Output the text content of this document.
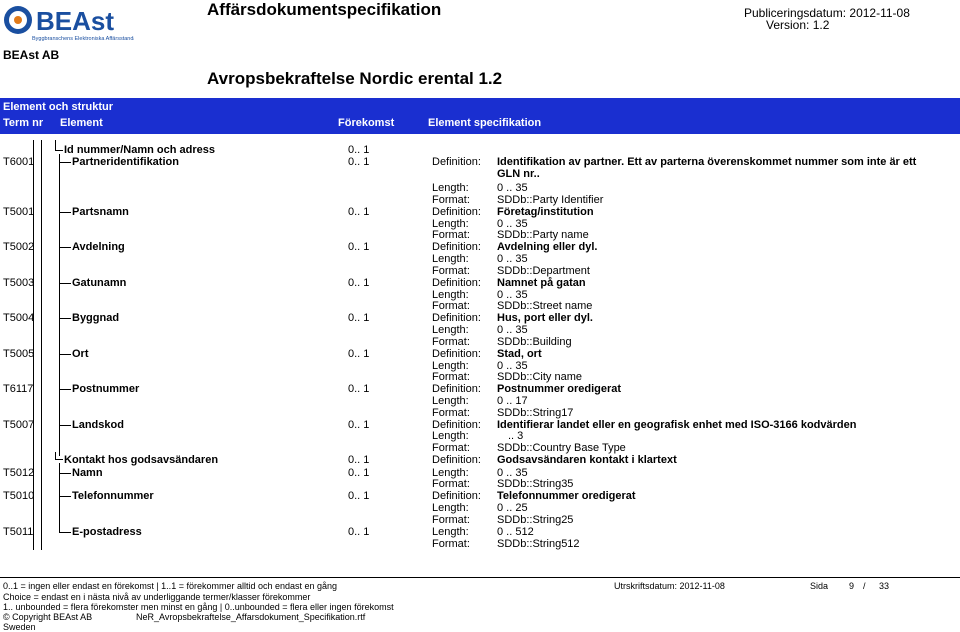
BEAst
Byggbranschens Elektroniska Affärsstandard
Affärsdokumentspecifikation	Publiceringsdatum: 2012-11-08
Version: 1.2
BEAst AB
Avropsbekraftelse Nordic erental 1.2
Element och struktur
Term nr Element	Förekomst	Element specifikation
Id nummer/Namn och adress	0.. 1
T6001	Partneridentifikation	0.. 1	Definition: Identifikation av partner. Ett av parterna överenskommet nummer som inte är ett
GLN nr..
Length:	0 .. 35
Format: SDDb::Party Identifier
T5001	Partsnamn	0.. 1	Definition: Företag/institution
Length:	0 .. 35
Format: SDDb::Party name
T5002	Avdelning	0.. 1	Definition: Avdelning eller dyl.
Length:	0 .. 35
Format: SDDb::Department
T5003	Gatunamn	0.. 1	Definition: Namnet på gatan
Length:	0 .. 35
Format: SDDb::Street name
T5004	Byggnad	0.. 1	Definition: Hus, port eller dyl.
Length:	0 .. 35
Format: SDDb::Building
T5005	Ort	0.. 1	Definition: Stad, ort
Length:	0 .. 35
Format: SDDb::City name
T6117	Postnummer	0.. 1	Definition: Postnummer oredigerat
Length:	0 .. 17
Format: SDDb::String17
T5007	Landskod	0.. 1	Definition: Identifierar landet eller en geografisk enhet med ISO-3166 kodvärden
Length:	.. 3
Format: SDDb::Country Base Type
Kontakt hos godsavsändaren	0.. 1	Definition: Godsavsändaren kontakt i klartext
T5012	Namn	0.. 1	Length:	0 .. 35
Format: SDDb::String35
T5010	Telefonnummer	0.. 1	Definition: Telefonnummer oredigerat
Length:	0 .. 25
Format: SDDb::String25
T5011	E-postadress	0.. 1	Length:	0 .. 512
Format: SDDb::String512
0..1 = ingen eller endast en förekomst | 1..1 = förekommer alltid och endast en gång
Choice = endast en i nästa nivå av underliggande termer/klasser förekommer
1.. unbounded = flera förekomster men minst en gång | 0..unbounded = flera eller ingen förekomst
© Copyright BEAst AB
Sweden
NeR_Avropsbekraftelse_Affarsdokument_Specifikation.rtf
Utrskriftsdatum: 2012-11-08	Sida 9 / 33
